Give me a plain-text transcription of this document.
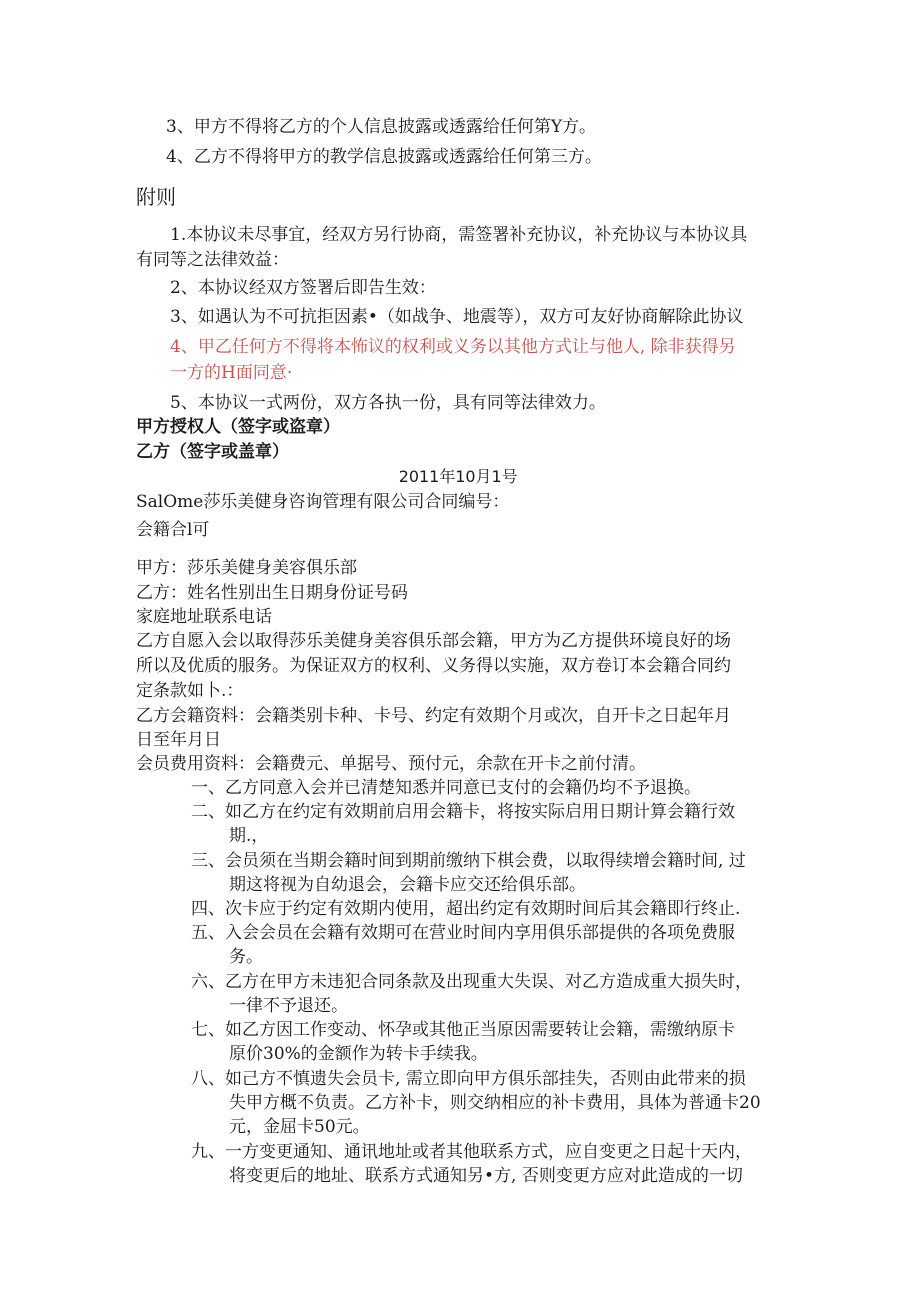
3、甲方不得将乙方的个人信息披露或透露给任何第Y方。
4、乙方不得将甲方的教学信息披露或透露给任何第三方。
附则
1.本协议未尽事宜，经双方另行协商，需签署补充协议，补充协议与本协议具
有同等之法律效益：
2、本协议经双方签署后即告生效：
3、如遇认为不可抗拒因素•（如战争、地震等），双方可友好协商解除此协议
4、甲乙任何方不得将本怖议的权利或义务以其他方式让与他人, 除非获得另
一方的H面同意·
5、本协议一式两份，双方各执一份，具有同等法律效力。
甲方授权人（签字或盗章）
乙方（签字或盖章）
2011年10月1号
SalOme莎乐美健身咨询管理有限公司合同编号：
会籍合l可
甲方：莎乐美健身美容俱乐部
乙方：姓名性别出生日期身份证号码
家庭地址联系电话
乙方自愿入会以取得莎乐美健身美容俱乐部会籍，甲方为乙方提供环境良好的场
所以及优质的服务。为保证双方的权利、义务得以实施，双方卷订本会籍合同约
定条款如卜.：
乙方会籍资料：会籍类别卡种、卡号、约定有效期个月或次，自开卡之日起年月
日至年月日
会员费用资料：会籍费元、单据号、预付元，余款在开卡之前付清。
一、乙方同意入会并已清楚知悉并同意已支付的会籍仍均不予退换。
二、如乙方在约定有效期前启用会籍卡，将按实际启用日期计算会籍行效
期.，
三、会员须在当期会籍时间到期前缴纳下棋会费，以取得续增会籍时间, 过
期这将视为自幼退会，会籍卡应交还给俱乐部。
四、次卡应于约定有效期内使用，超出约定有效期时间后其会籍即行终止.
五、入会会员在会籍有效期可在营业时间内享用俱乐部提供的各项免费服
务。
六、乙方在甲方未违犯合同条款及出现重大失误、对乙方造成重大损失时，
一律不予退还。
七、如乙方因工作变动、怀孕或其他正当原因需要转让会籍，需缴纳原卡
原价30%的金额作为转卡手续我。
八、如己方不慎遗失会员卡, 需立即向甲方俱乐部挂失，否则由此带来的损
失甲方概不负责。乙方补卡，则交纳相应的补卡费用，具体为普通卡20
元，金屈卡50元。
九、一方变更通知、通讯地址或者其他联系方式，应自变更之日起十天内，
将变更后的地址、联系方式通知另•方, 否则变更方应对此造成的一切
